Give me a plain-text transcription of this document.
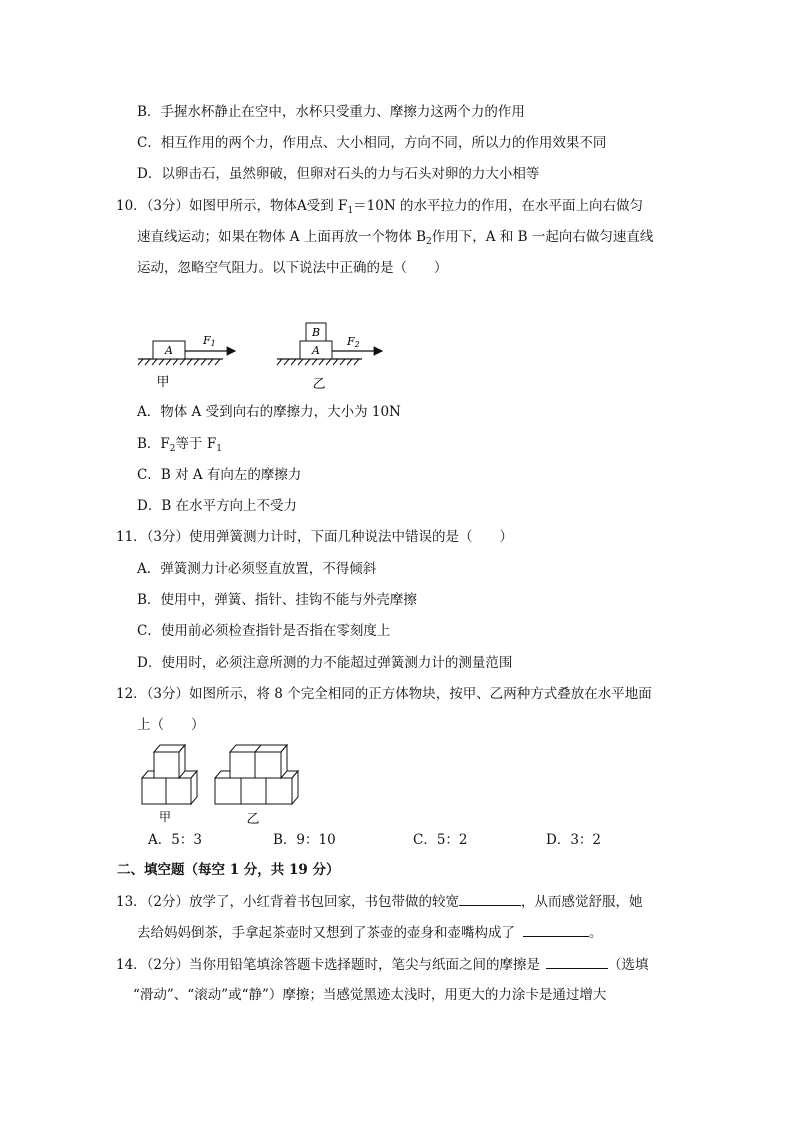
B．手握水杯静止在空中，水杯只受重力、摩擦力这两个力的作用
C．相互作用的两个力，作用点、大小相同，方向不同，所以力的作用效果不同
D．以卵击石，虽然卵破，但卵对石头的力与石头对卵的力大小相等
10．（3分）如图甲所示，物体A受到 $F_1=10N$ 的水平拉力的作用，在水平面上向右做匀
速直线运动；如果在物体 A 上面再放一个物体 $B_2$作用下，A 和 B 一起向右做匀速直线
运动，忽略空气阻力。以下说法中正确的是（　　）
A
F1
A
B
F2
甲	乙
A．物体 A 受到向右的摩擦力，大小为 10N
B．$F_2$等于 $F_1$
C．B 对 A 有向左的摩擦力
D．B 在水平方向上不受力
11．（3分）使用弹簧测力计时，下面几种说法中错误的是（　　）
A．弹簧测力计必须竖直放置，不得倾斜
B．使用中，弹簧、指针、挂钩不能与外壳摩擦
C．使用前必须检查指针是否指在零刻度上
D．使用时，必须注意所测的力不能超过弹簧测力计的测量范围
12．（3分）如图所示，将 8 个完全相同的正方体物块，按甲、乙两种方式叠放在水平地面
上（　　）
甲	乙
A．5：3	B．9：10	C．5：2	D．3：2
二、填空题（每空 1 分，共 19 分）
13．（2分）放学了，小红背着书包回家，书包带做的较宽	，从而感觉舒服，她
去给妈妈倒茶，手拿起茶壶时又想到了茶壶的壶身和壶嘴构成了	。
14．（2分）当你用铅笔填涂答题卡选择题时，笔尖与纸面之间的摩擦是	（选填
“滑动”、“滚动”或“静”）摩擦；当感觉黑迹太浅时，用更大的力涂卡是通过增大
